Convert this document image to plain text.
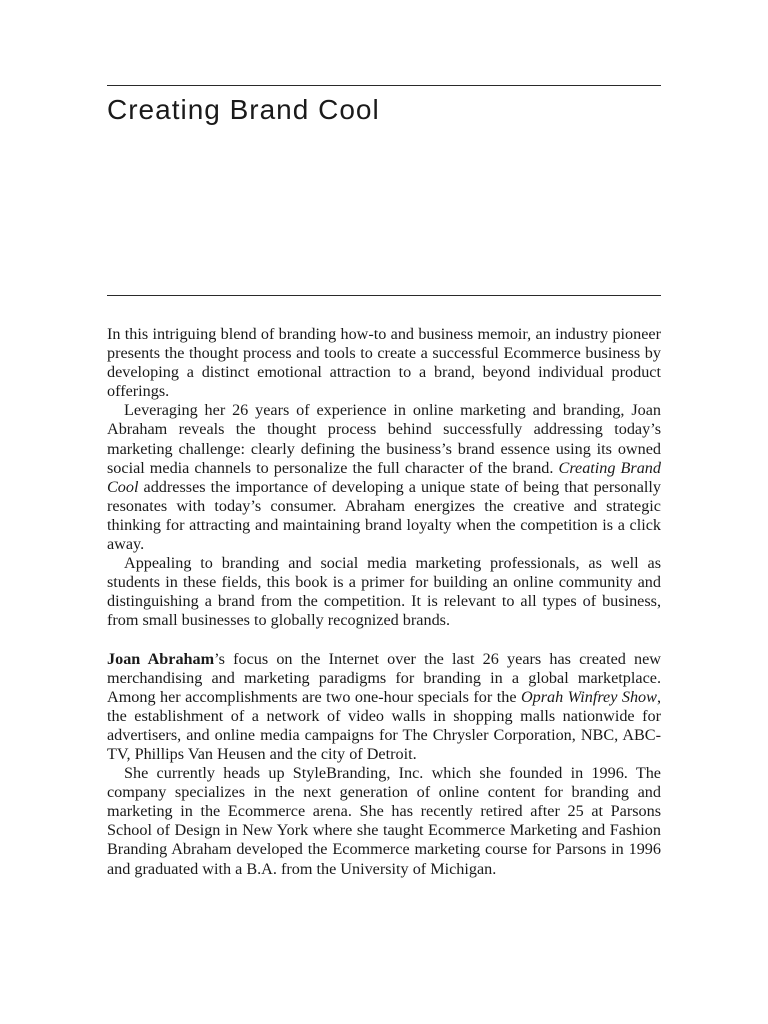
Creating Brand Cool

In this intriguing blend of branding how-to and business memoir, an industry pioneer presents the thought process and tools to create a successful Ecommerce business by developing a distinct emotional attraction to a brand, beyond individual product offerings.

Leveraging her 26 years of experience in online marketing and branding, Joan Abraham reveals the thought process behind successfully addressing today’s marketing challenge: clearly defining the business’s brand essence using its owned social media channels to personalize the full character of the brand. Creating Brand Cool addresses the importance of developing a unique state of being that personally resonates with today’s consumer. Abraham energizes the creative and strategic thinking for attracting and maintaining brand loyalty when the competition is a click away.

Appealing to branding and social media marketing professionals, as well as students in these fields, this book is a primer for building an online community and distinguishing a brand from the competition. It is relevant to all types of business, from small businesses to globally recognized brands.

Joan Abraham’s focus on the Internet over the last 26 years has created new merchandising and marketing paradigms for branding in a global marketplace. Among her accomplishments are two one-hour specials for the Oprah Winfrey Show, the establishment of a network of video walls in shopping malls nationwide for advertisers, and online media campaigns for The Chrysler Corporation, NBC, ABC-TV, Phillips Van Heusen and the city of Detroit.

She currently heads up StyleBranding, Inc. which she founded in 1996. The company specializes in the next generation of online content for branding and marketing in the Ecommerce arena. She has recently retired after 25 at Parsons School of Design in New York where she taught Ecommerce Marketing and Fashion Branding Abraham developed the Ecommerce marketing course for Parsons in 1996 and graduated with a B.A. from the University of Michigan.
